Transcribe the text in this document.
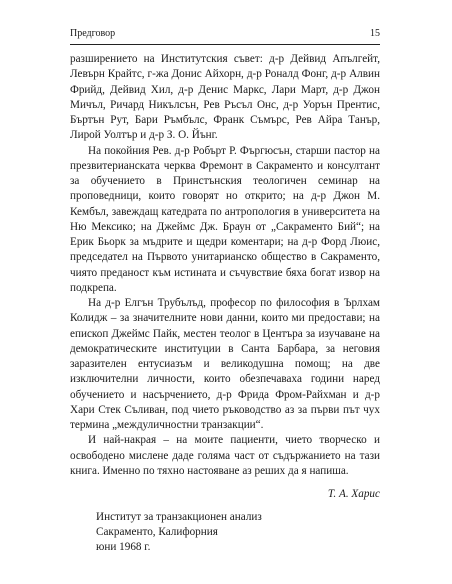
Предговор	15

разширението на Институтския съвет: д-р Дейвид Апългейт, Левърн Крайтс, г-жа Донис Айхорн, д-р Роналд Фонг, д-р Алвин Фрийд, Дейвид Хил, д-р Денис Маркс, Лари Март, д-р Джон Мичъл, Ричард Никълсън, Рев Ръсъл Онс, д-р Уорън Прентис, Бъртън Рут, Бари Ръмбълс, Франк Съмърс, Рев Айра Танър, Лирой Уолтър и д-р З. О. Йънг.

На покойния Рев. д-р Робърт Р. Фъргюсън, старши пастор на презвитерианската черква Фремонт в Сакраменто и консултант за обучението в Принстънския теологичен семинар на проповедници, които говорят но открито; на д-р Джон М. Кембъл, завеждащ катедрата по антропология в университета на Ню Мексико; на Джеймс Дж. Браун от „Сакраменто Бий“; на Ерик Бьорк за мъдрите и щедри коментари; на д-р Форд Люис, председател на Първото унитарианско общество в Сакраменто, чиято преданост към истината и съчувствие бяха богат извор на подкрепа.

На д-р Елгън Трубълъд, професор по философия в Ърлхам Колидж – за значителните нови данни, които ми предостави; на епископ Джеймс Пайк, местен теолог в Центъра за изучаване на демократическите институции в Санта Барбара, за неговия заразителен ентусиазъм и великодушна помощ; на две изключителни личности, които обезпечаваха години наред обучението и насърчението, д-р Фрида Фром-Райхман и д-р Хари Стек Съливан, под чието ръководство аз за първи път чух термина „междуличностни транзакции“.

И най-накрая – на моите пациенти, чието творческо и освободено мислене даде голяма част от съдържанието на тази книга. Именно по тяхно настояване аз реших да я напиша.

Т. А. Харис
Институт за транзакционен анализ
Сакраменто, Калифорния
юни 1968 г.
